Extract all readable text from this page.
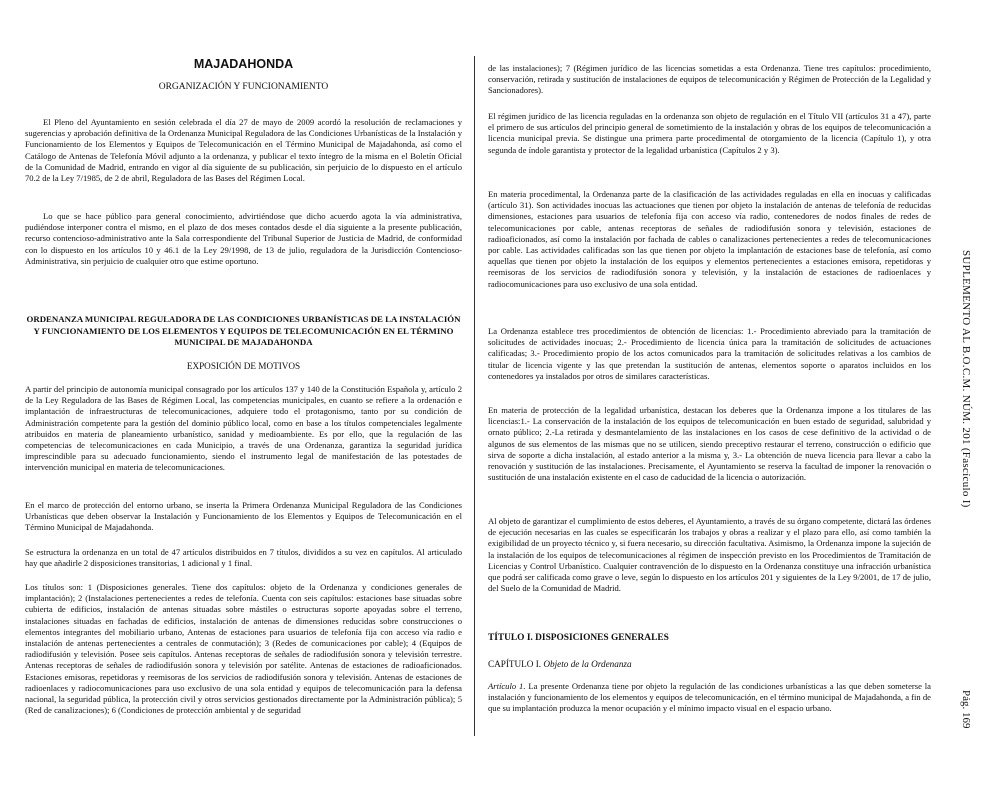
MAJADAHONDA
ORGANIZACIÓN Y FUNCIONAMIENTO
El Pleno del Ayuntamiento en sesión celebrada el día 27 de mayo de 2009 acordó la resolución de reclamaciones y sugerencias y aprobación definitiva de la Ordenanza Municipal Reguladora de las Condiciones Urbanísticas de la Instalación y Funcionamiento de los Elementos y Equipos de Telecomunicación en el Término Municipal de Majadahonda, así como el Catálogo de Antenas de Telefonía Móvil adjunto a la ordenanza, y publicar el texto íntegro de la misma en el Boletín Oficial de la Comunidad de Madrid, entrando en vigor al día siguiente de su publicación, sin perjuicio de lo dispuesto en el artículo 70.2 de la Ley 7/1985, de 2 de abril, Reguladora de las Bases del Régimen Local.
Lo que se hace público para general conocimiento, advirtiéndose que dicho acuerdo agota la vía administrativa, pudiéndose interponer contra el mismo, en el plazo de dos meses contados desde el día siguiente a la presente publicación, recurso contencioso-administrativo ante la Sala correspondiente del Tribunal Superior de Justicia de Madrid, de conformidad con lo dispuesto en los artículos 10 y 46.1 de la Ley 29/1998, de 13 de julio, reguladora de la Jurisdicción Contencioso-Administrativa, sin perjuicio de cualquier otro que estime oportuno.
ORDENANZA MUNICIPAL REGULADORA DE LAS CONDICIONES URBANÍSTICAS DE LA INSTALACIÓN Y FUNCIONAMIENTO DE LOS ELEMENTOS Y EQUIPOS DE TELECOMUNICACIÓN EN EL TÉRMINO MUNICIPAL DE MAJADAHONDA
EXPOSICIÓN DE MOTIVOS
A partir del principio de autonomía municipal consagrado por los artículos 137 y 140 de la Constitución Española y, artículo 2 de la Ley Reguladora de las Bases de Régimen Local, las competencias municipales, en cuanto se refiere a la ordenación e implantación de infraestructuras de telecomunicaciones, adquiere todo el protagonismo, tanto por su condición de Administración competente para la gestión del dominio público local, como en base a los títulos competenciales legalmente atribuidos en materia de planeamiento urbanístico, sanidad y medioambiente. Es por ello, que la regulación de las competencias de telecomunicaciones en cada Municipio, a través de una Ordenanza, garantiza la seguridad jurídica imprescindible para su adecuado funcionamiento, siendo el instrumento legal de manifestación de las potestades de intervención municipal en materia de telecomunicaciones.
En el marco de protección del entorno urbano, se inserta la Primera Ordenanza Municipal Reguladora de las Condiciones Urbanísticas que deben observar la Instalación y Funcionamiento de los Elementos y Equipos de Telecomunicación en el Término Municipal de Majadahonda.
Se estructura la ordenanza en un total de 47 artículos distribuidos en 7 títulos, divididos a su vez en capítulos. Al articulado hay que añadirle 2 disposiciones transitorias, 1 adicional y 1 final.
Los títulos son: 1 (Disposiciones generales. Tiene dos capítulos: objeto de la Ordenanza y condiciones generales de implantación); 2 (Instalaciones pertenecientes a redes de telefonía. Cuenta con seis capítulos: estaciones base situadas sobre cubierta de edificios, instalación de antenas situadas sobre mástiles o estructuras soporte apoyadas sobre el terreno, instalaciones situadas en fachadas de edificios, instalación de antenas de dimensiones reducidas sobre construcciones o elementos integrantes del mobiliario urbano, Antenas de estaciones para usuarios de telefonía fija con acceso vía radio e instalación de antenas pertenecientes a centrales de conmutación); 3 (Redes de comunicaciones por cable); 4 (Equipos de radiodifusión y televisión. Posee seis capítulos. Antenas receptoras de señales de radiodifusión sonora y televisión terrestre. Antenas receptoras de señales de radiodifusión sonora y televisión por satélite. Antenas de estaciones de radioaficionados. Estaciones emisoras, repetidoras y reemisoras de los servicios de radiodifusión sonora y televisión. Antenas de estaciones de radioenlaces y radiocomunicaciones para uso exclusivo de una sola entidad y equipos de telecomunicación para la defensa nacional, la seguridad pública, la protección civil y otros servicios gestionados directamente por la Administración pública); 5 (Red de canalizaciones); 6 (Condiciones de protección ambiental y de seguridad
de las instalaciones); 7 (Régimen jurídico de las licencias sometidas a esta Ordenanza. Tiene tres capítulos: procedimiento, conservación, retirada y sustitución de instalaciones de equipos de telecomunicación y Régimen de Protección de la Legalidad y Sancionadores).
El régimen jurídico de las licencia reguladas en la ordenanza son objeto de regulación en el Título VII (artículos 31 a 47), parte el primero de sus artículos del principio general de sometimiento de la instalación y obras de los equipos de telecomunicación a licencia municipal previa. Se distingue una primera parte procedimental de otorgamiento de la licencia (Capítulo 1), y otra segunda de índole garantista y protector de la legalidad urbanística (Capítulos 2 y 3).
En materia procedimental, la Ordenanza parte de la clasificación de las actividades reguladas en ella en inocuas y calificadas (artículo 31). Son actividades inocuas las actuaciones que tienen por objeto la instalación de antenas de telefonía de reducidas dimensiones, estaciones para usuarios de telefonía fija con acceso vía radio, contenedores de nodos finales de redes de telecomunicaciones por cable, antenas receptoras de señales de radiodifusión sonora y televisión, estaciones de radioaficionados, así como la instalación por fachada de cables o canalizaciones pertenecientes a redes de telecomunicaciones por cable. Las actividades calificadas son las que tienen por objeto la implantación de estaciones base de telefonía, así como aquellas que tienen por objeto la instalación de los equipos y elementos pertenecientes a estaciones emisora, repetidoras y reemisoras de los servicios de radiodifusión sonora y televisión, y la instalación de estaciones de radioenlaces y radiocomunicaciones para uso exclusivo de una sola entidad.
La Ordenanza establece tres procedimientos de obtención de licencias: 1.- Procedimiento abreviado para la tramitación de solicitudes de actividades inocuas; 2.- Procedimiento de licencia única para la tramitación de solicitudes de actuaciones calificadas; 3.- Procedimiento propio de los actos comunicados para la tramitación de solicitudes relativas a los cambios de titular de licencia vigente y las que pretendan la sustitución de antenas, elementos soporte o aparatos incluidos en los contenedores ya instalados por otros de similares características.
En materia de protección de la legalidad urbanística, destacan los deberes que la Ordenanza impone a los titulares de las licencias:1.- La conservación de la instalación de los equipos de telecomunicación en buen estado de seguridad, salubridad y ornato público; 2.-La retirada y desmantelamiento de las instalaciones en los casos de cese definitivo de la actividad o de algunos de sus elementos de las mismas que no se utilicen, siendo preceptivo restaurar el terreno, construcción o edificio que sirva de soporte a dicha instalación, al estado anterior a la misma y, 3.- La obtención de nueva licencia para llevar a cabo la renovación y sustitución de las instalaciones. Precisamente, el Ayuntamiento se reserva la facultad de imponer la renovación o sustitución de una instalación existente en el caso de caducidad de la licencia o autorización.
Al objeto de garantizar el cumplimiento de estos deberes, el Ayuntamiento, a través de su órgano competente, dictará las órdenes de ejecución necesarias en las cuales se especificarán los trabajos y obras a realizar y el plazo para ello, así como también la exigibilidad de un proyecto técnico y, si fuera necesario, su dirección facultativa. Asimismo, la Ordenanza impone la sujeción de la instalación de los equipos de telecomunicaciones al régimen de inspección previsto en los Procedimientos de Tramitación de Licencias y Control Urbanístico. Cualquier contravención de lo dispuesto en la Ordenanza constituye una infracción urbanística que podrá ser calificada como grave o leve, según lo dispuesto en los artículos 201 y siguientes de la Ley 9/2001, de 17 de julio, del Suelo de la Comunidad de Madrid.
TÍTULO I. DISPOSICIONES GENERALES
CAPÍTULO I. Objeto de la Ordenanza
Artículo 1. La presente Ordenanza tiene por objeto la regulación de las condiciones urbanísticas a las que deben someterse la instalación y funcionamiento de los elementos y equipos de telecomunicación, en el término municipal de Majadahonda, a fin de que su implantación produzca la menor ocupación y el mínimo impacto visual en el espacio urbano.
SUPLEMENTO AL B.O.C.M. NÚM. 201 (Fascículo I)
Pág. 169
